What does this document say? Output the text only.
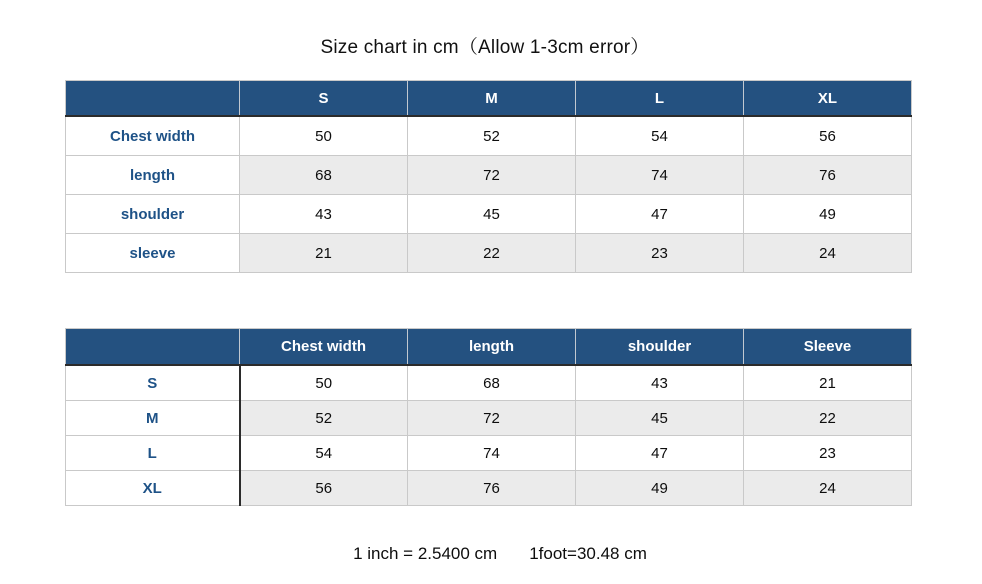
Size chart in cm（Allow 1-3cm error）
	S	M	L	XL
Chest width	50	52	54	56
length	68	72	74	76
shoulder	43	45	47	49
sleeve	21	22	23	24
	Chest width	length	shoulder	Sleeve
S	50	68	43	21
M	52	72	45	22
L	54	74	47	23
XL	56	76	49	24
1 inch = 2.5400 cm 1foot=30.48 cm
